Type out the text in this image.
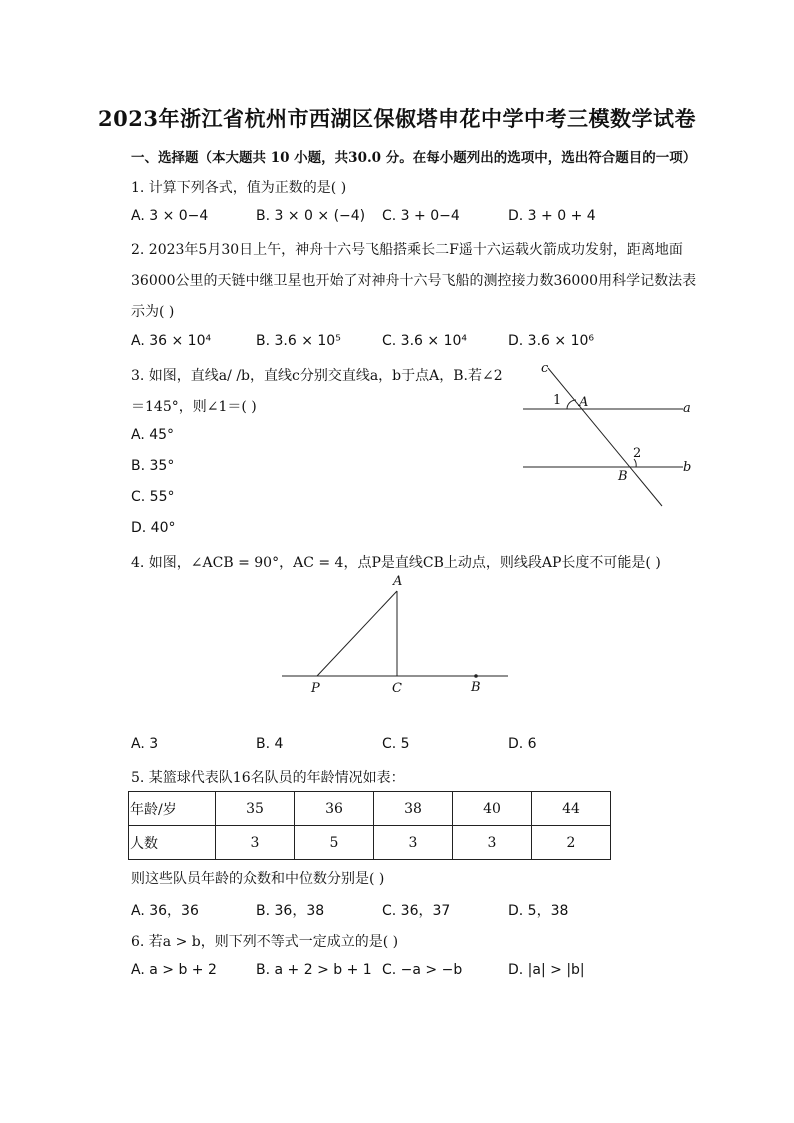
2023年浙江省杭州市西湖区保俶塔申花中学中考三模数学试卷
一、选择题（本大题共 10 小题，共30.0 分。在每小题列出的选项中，选出符合题目的一项）
1. 计算下列各式，值为正数的是( )
A. 3 × 0−4	B. 3 × 0 × (−4) C. 3 + 0−4	D. 3 + 0 + 4
2. 2023年5月30日上午，神舟十六号飞船搭乘长二F遥十六运载火箭成功发射，距离地面
36000公里的天链中继卫星也开始了对神舟十六号飞船的测控接力数36000用科学记数法表
示为( )
A. 36 × 10⁴	B. 3.6 × 10⁵	C. 3.6 × 10⁴	D. 3.6 × 10⁶
3. 如图，直线a/ /b，直线c分别交直线a，b于点A，B.若∠2
＝145°，则∠1＝( )
A. 45°
B. 35°
C. 55°
D. 40°
c
1 A	a
2
b
B
4. 如图，∠ACB = 90°，AC = 4，点P是直线CB上动点，则线段AP长度不可能是( )
A
P	C	B
A. 3	B. 4	C. 5	D. 6
5. 某篮球代表队16名队员的年龄情况如表：
年龄/岁	35	36	38	40	44
人数	3	5	3	3	2
则这些队员年龄的众数和中位数分别是( )
A. 36，36	B. 36，38	C. 36，37	D. 5，38
6. 若a > b，则下列不等式一定成立的是( )
A. a > b + 2	B. a + 2 > b + 1 C. −a > −b	D. |a| > |b|
